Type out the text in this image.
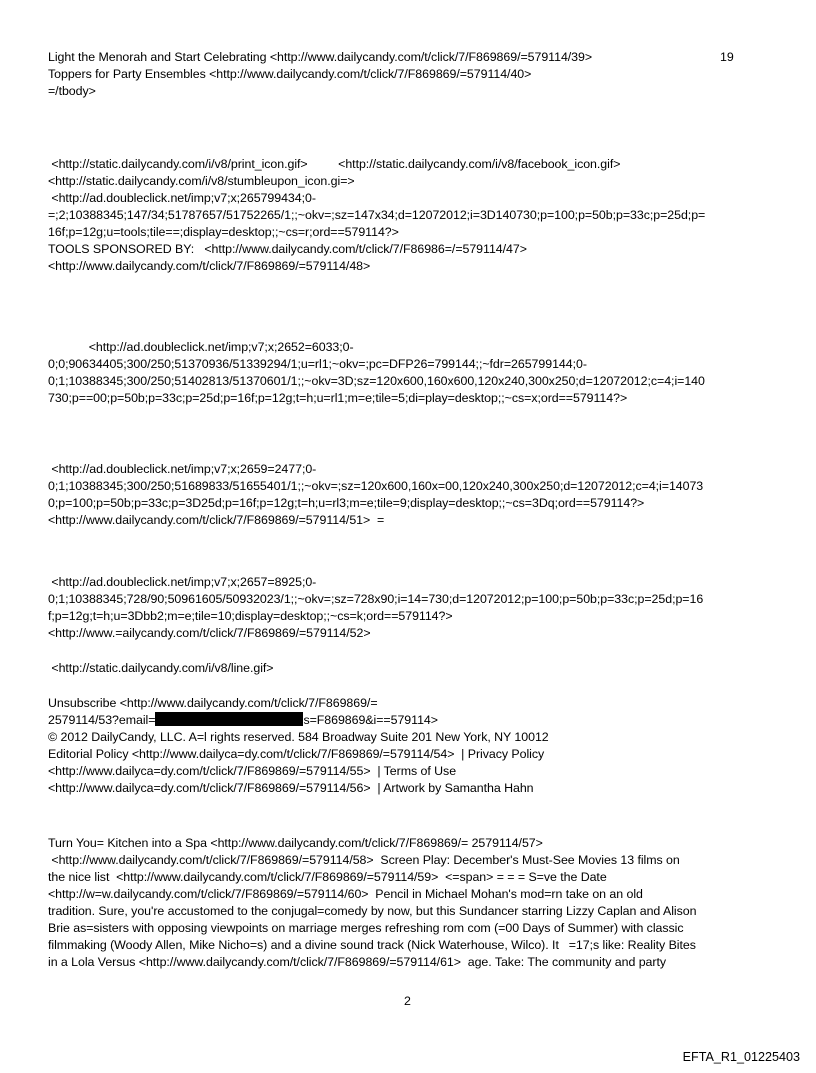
Light the Menorah and Start Celebrating <http://www.dailycandy.com/t/click/7/F869869/=579114/39>	19
Toppers for Party Ensembles <http://www.dailycandy.com/t/click/7/F869869/=579114/40>
=/tbody>
<http://static.dailycandy.com/i/v8/print_icon.gif>         <http://static.dailycandy.com/i/v8/facebook_icon.gif>
<http://static.dailycandy.com/i/v8/stumbleupon_icon.gi=>
<http://ad.doubleclick.net/imp;v7;x;265799434;0-
=;2;10388345;147/34;51787657/51752265/1;;~okv=;sz=147x34;d=12072012;i=3D140730;p=100;p=50b;p=33c;p=25d;p=
16f;p=12g;u=tools;tile==;display=desktop;;~cs=r;ord==579114?>
TOOLS SPONSORED BY:   <http://www.dailycandy.com/t/click/7/F86986=/=579114/47>
<http://www.dailycandy.com/t/click/7/F869869/=579114/48>
<http://ad.doubleclick.net/imp;v7;x;2652=6033;0-
0;0;90634405;300/250;51370936/51339294/1;u=rl1;~okv=;pc=DFP26=799144;;~fdr=265799144;0-
0;1;10388345;300/250;51402813/51370601/1;;~okv=3D;sz=120x600,160x600,120x240,300x250;d=12072012;c=4;i=140
730;p==00;p=50b;p=33c;p=25d;p=16f;p=12g;t=h;u=rl1;m=e;tile=5;di=play=desktop;;~cs=x;ord==579114?>
<http://ad.doubleclick.net/imp;v7;x;2659=2477;0-
0;1;10388345;300/250;51689833/51655401/1;;~okv=;sz=120x600,160x=00,120x240,300x250;d=12072012;c=4;i=14073
0;p=100;p=50b;p=33c;p=3D25d;p=16f;p=12g;t=h;u=rl3;m=e;tile=9;display=desktop;;~cs=3Dq;ord==579114?>
<http://www.dailycandy.com/t/click/7/F869869/=579114/51>  =
<http://ad.doubleclick.net/imp;v7;x;2657=8925;0-
0;1;10388345;728/90;50961605/50932023/1;;~okv=;sz=728x90;i=14=730;d=12072012;p=100;p=50b;p=33c;p=25d;p=16
f;p=12g;t=h;u=3Dbb2;m=e;tile=10;display=desktop;;~cs=k;ord==579114?>
<http://www.=ailycandy.com/t/click/7/F869869/=579114/52>
<http://static.dailycandy.com/i/v8/line.gif>
Unsubscribe <http://www.dailycandy.com/t/click/7/F869869/=
2579114/53?email=	s=F869869&i==579114>
© 2012 DailyCandy, LLC. A=l rights reserved. 584 Broadway Suite 201 New York, NY 10012
Editorial Policy <http://www.dailyca=dy.com/t/click/7/F869869/=579114/54>  | Privacy Policy
<http://www.dailyca=dy.com/t/click/7/F869869/=579114/55>  | Terms of Use
<http://www.dailyca=dy.com/t/click/7/F869869/=579114/56>  | Artwork by Samantha Hahn
Turn You= Kitchen into a Spa <http://www.dailycandy.com/t/click/7/F869869/= 2579114/57>
<http://www.dailycandy.com/t/click/7/F869869/=579114/58>  Screen Play: December's Must-See Movies 13 films on
the nice list  <http://www.dailycandy.com/t/click/7/F869869/=579114/59>  <=span> = = = S=ve the Date
<http://w=w.dailycandy.com/t/click/7/F869869/=579114/60>  Pencil in Michael Mohan's mod=rn take on an old
tradition. Sure, you're accustomed to the conjugal=comedy by now, but this Sundancer starring Lizzy Caplan and Alison
Brie as=sisters with opposing viewpoints on marriage merges refreshing rom com (=00 Days of Summer) with classic
filmmaking (Woody Allen, Mike Nicho=s) and a divine sound track (Nick Waterhouse, Wilco). It=17;s like: Reality Bites
in a Lola Versus <http://www.dailycandy.com/t/click/7/F869869/=579114/61>  age. Take: The community and party
2
EFTA_R1_01225403
